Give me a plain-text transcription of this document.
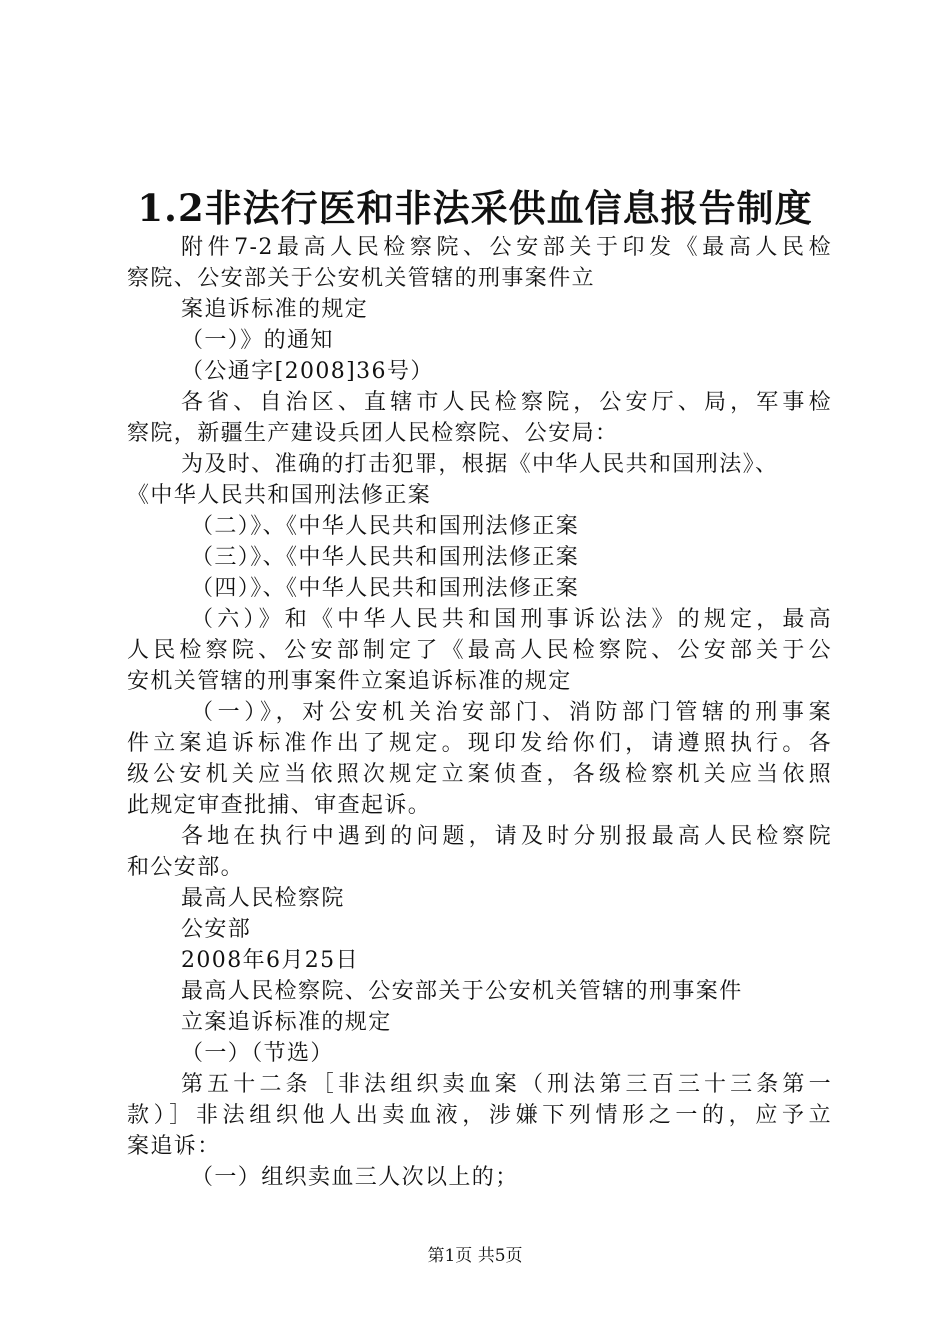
1.2非法行医和非法采供血信息报告制度
附件7-2最高人民检察院、公安部关于印发《最高人民检
察院、公安部关于公安机关管辖的刑事案件立
案追诉标准的规定
（一）》的通知
（公通字[2008]36号）
各省、自治区、直辖市人民检察院，公安厅、局，军事检
察院，新疆生产建设兵团人民检察院、公安局：
为及时、准确的打击犯罪，根据《中华人民共和国刑法》、
《中华人民共和国刑法修正案
（二）》、《中华人民共和国刑法修正案
（三）》、《中华人民共和国刑法修正案
（四）》、《中华人民共和国刑法修正案
（六）》和《中华人民共和国刑事诉讼法》的规定，最高
人民检察院、公安部制定了《最高人民检察院、公安部关于公
安机关管辖的刑事案件立案追诉标准的规定
（一）》，对公安机关治安部门、消防部门管辖的刑事案
件立案追诉标准作出了规定。现印发给你们，请遵照执行。各
级公安机关应当依照次规定立案侦查，各级检察机关应当依照
此规定审查批捕、审查起诉。
各地在执行中遇到的问题，请及时分别报最高人民检察院
和公安部。
最高人民检察院
公安部
2008年6月25日
最高人民检察院、公安部关于公安机关管辖的刑事案件
立案追诉标准的规定
（一）（节选）
第五十二条［非法组织卖血案（刑法第三百三十三条第一
款）］非法组织他人出卖血液，涉嫌下列情形之一的，应予立
案追诉：
（一）组织卖血三人次以上的；
第1页 共5页
